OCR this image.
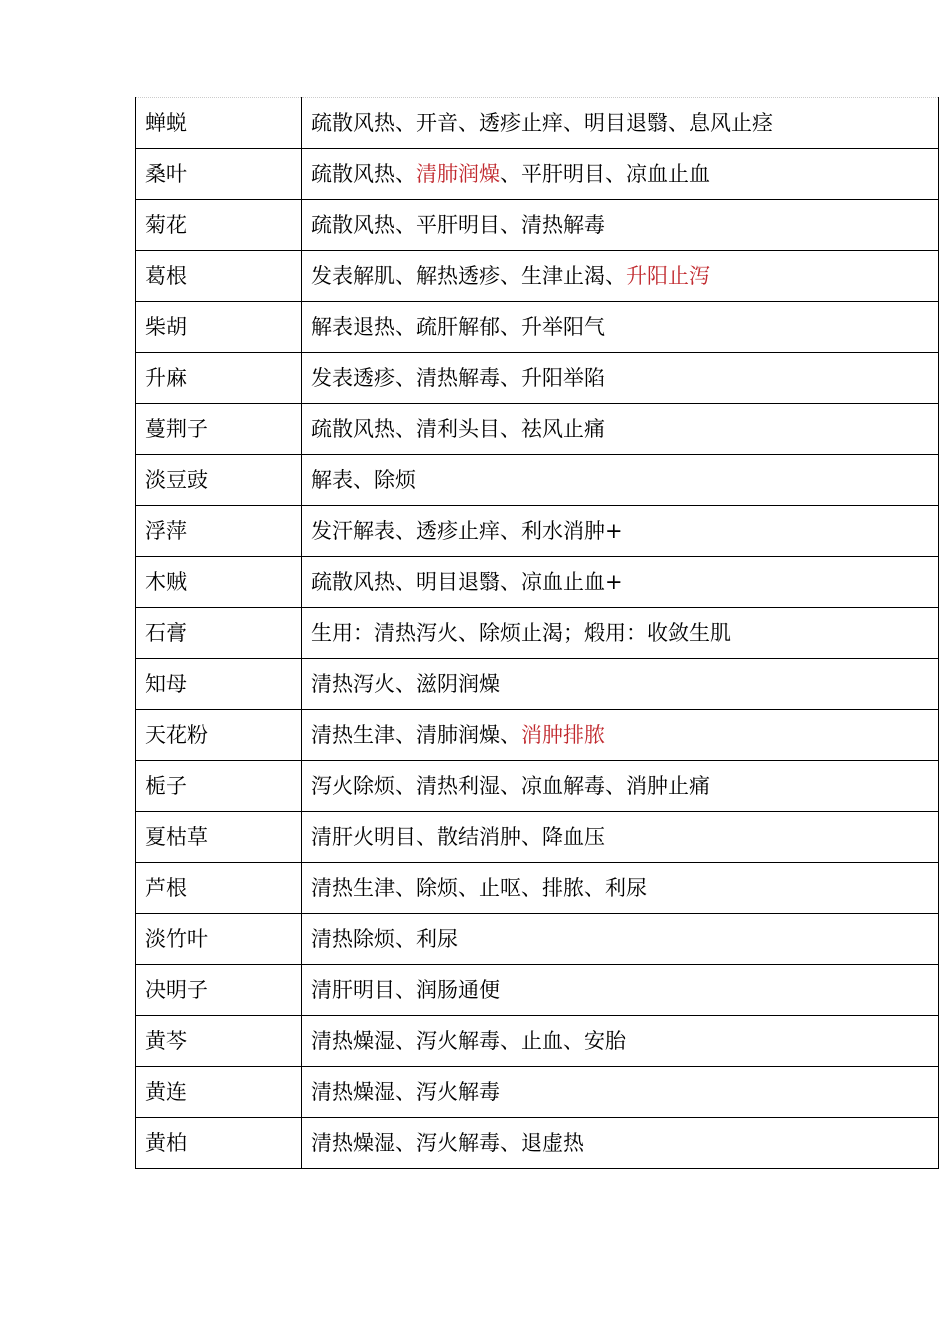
蝉蜕	疏散风热、开音、透疹止痒、明目退翳、息风止痉
桑叶	疏散风热、清肺润燥、平肝明目、凉血止血
菊花	疏散风热、平肝明目、清热解毒
葛根	发表解肌、解热透疹、生津止渴、升阳止泻
柴胡	解表退热、疏肝解郁、升举阳气
升麻	发表透疹、清热解毒、升阳举陷
蔓荆子	疏散风热、清利头目、祛风止痛
淡豆豉	解表、除烦
浮萍	发汗解表、透疹止痒、利水消肿+
木贼	疏散风热、明目退翳、凉血止血+
石膏	生用：清热泻火、除烦止渴；煅用：收敛生肌
知母	清热泻火、滋阴润燥
天花粉	清热生津、清肺润燥、消肿排脓
栀子	泻火除烦、清热利湿、凉血解毒、消肿止痛
夏枯草	清肝火明目、散结消肿、降血压
芦根	清热生津、除烦、止呕、排脓、利尿
淡竹叶	清热除烦、利尿
决明子	清肝明目、润肠通便
黄芩	清热燥湿、泻火解毒、止血、安胎
黄连	清热燥湿、泻火解毒
黄柏	清热燥湿、泻火解毒、退虚热
